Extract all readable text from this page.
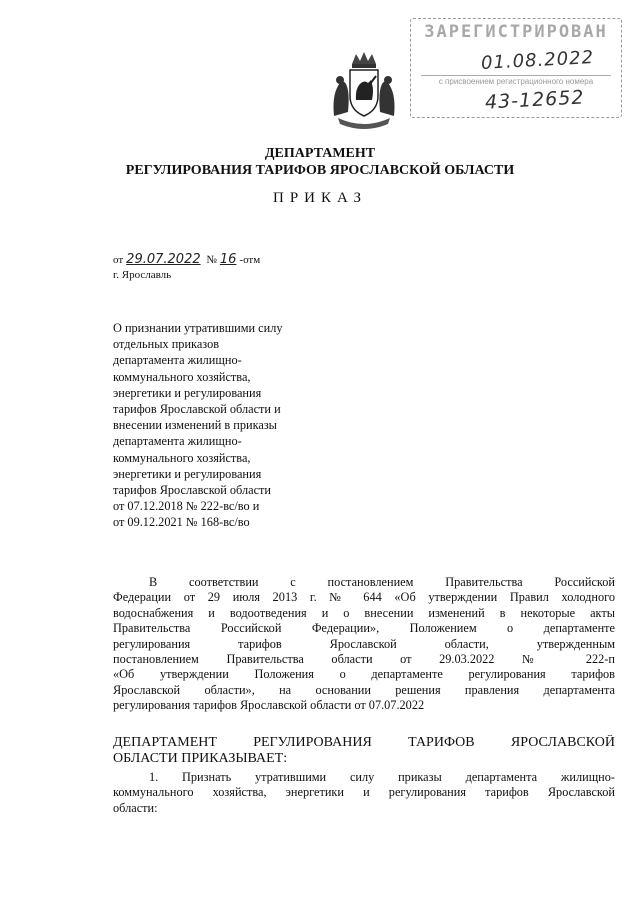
ЗАРЕГИСТРИРОВАН
01.08.2022
с присвоением регистрационного номера
43-12652
ДЕПАРТАМЕНТ
РЕГУЛИРОВАНИЯ ТАРИФОВ ЯРОСЛАВСКОЙ ОБЛАСТИ
ПРИКАЗ
от 29.07.2022 № 16 -отм
г. Ярославль
О признании утратившими силу
отдельных приказов
департамента жилищно-
коммунального хозяйства,
энергетики и регулирования
тарифов Ярославской области и
внесении изменений в приказы
департамента жилищно-
коммунального хозяйства,
энергетики и регулирования
тарифов Ярославской области
от 07.12.2018 № 222-вс/во и
от 09.12.2021 № 168-вс/во
В соответствии с постановлением Правительства Российской
Федерации от 29 июля 2013 г. № 644 «Об утверждении Правил холодного
водоснабжения и водоотведения и о внесении изменений в некоторые акты
Правительства Российской Федерации», Положением о департаменте
регулирования тарифов Ярославской области, утвержденным
постановлением Правительства области от 29.03.2022 № 222-п
«Об утверждении Положения о департаменте регулирования тарифов
Ярославской области», на основании решения правления департамента
регулирования тарифов Ярославской области от 07.07.2022
ДЕПАРТАМЕНТ РЕГУЛИРОВАНИЯ ТАРИФОВ ЯРОСЛАВСКОЙ
ОБЛАСТИ ПРИКАЗЫВАЕТ:
1. Признать утратившими силу приказы департамента жилищно-
коммунального хозяйства, энергетики и регулирования тарифов Ярославской
области:
